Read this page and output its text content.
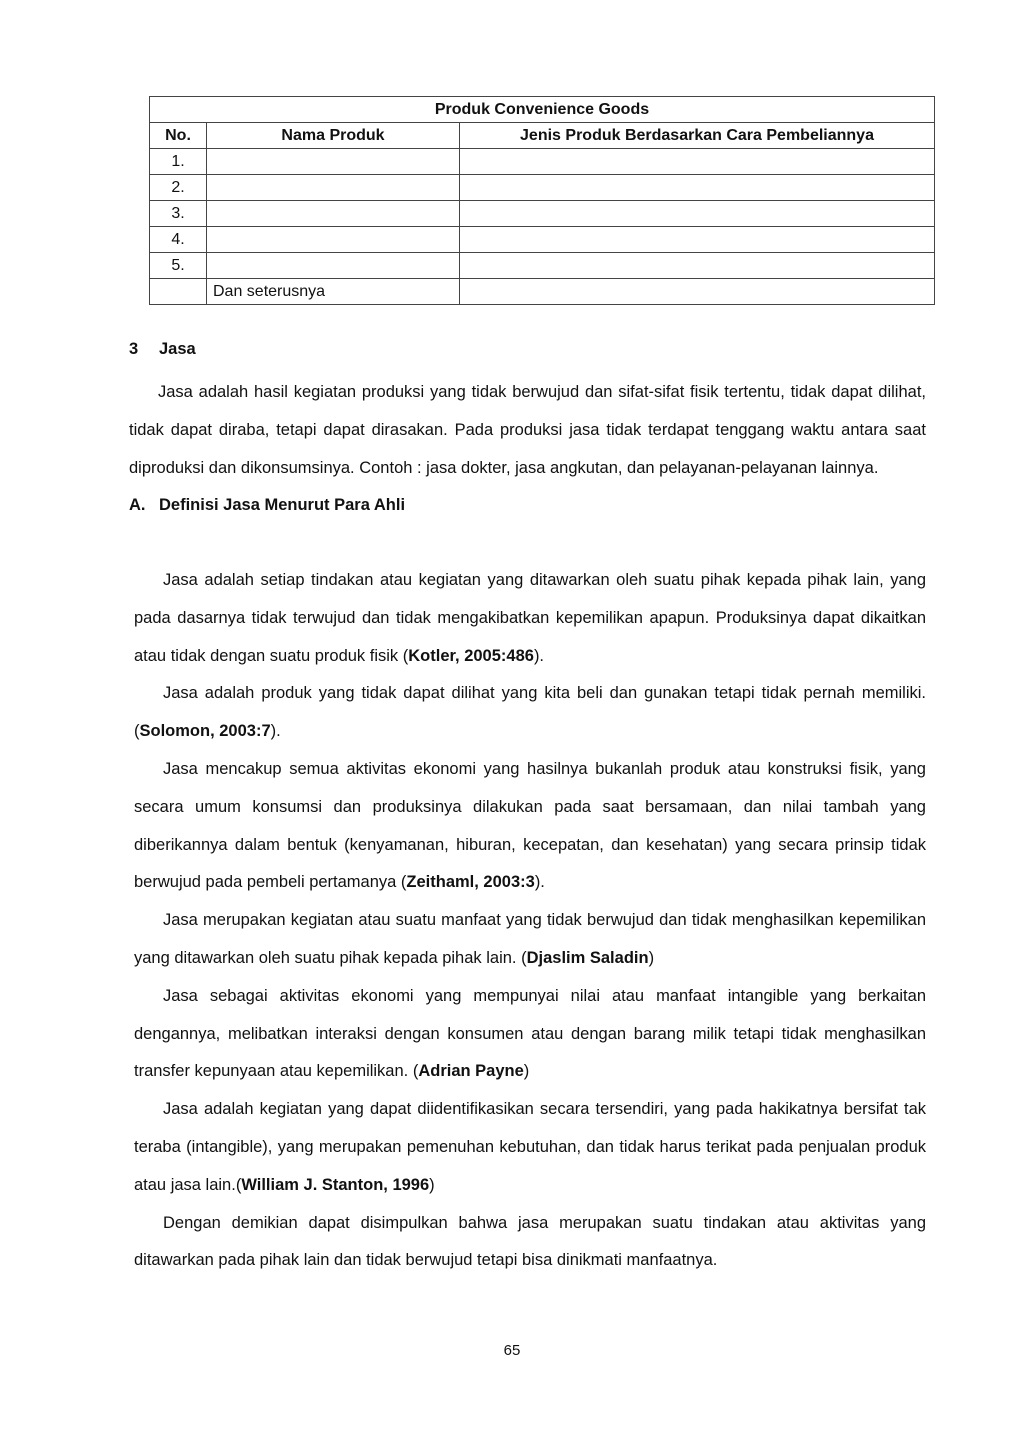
Produk Convenience Goods		
No.	Nama Produk	Jenis Produk Berdasarkan Cara Pembeliannya
1.		
2.		
3.		
4.		
5.		
	Dan seterusnya	
3 Jasa

Jasa adalah hasil kegiatan produksi yang tidak berwujud dan sifat-sifat fisik tertentu, tidak dapat dilihat, tidak dapat diraba, tetapi dapat dirasakan. Pada produksi jasa tidak terdapat tenggang waktu antara saat diproduksi dan dikonsumsinya. Contoh : jasa dokter, jasa angkutan, dan pelayanan-pelayanan lainnya.

A. Definisi Jasa Menurut Para Ahli

Jasa adalah setiap tindakan atau kegiatan yang ditawarkan oleh suatu pihak kepada pihak lain, yang pada dasarnya tidak terwujud dan tidak mengakibatkan kepemilikan apapun. Produksinya dapat dikaitkan atau tidak dengan suatu produk fisik (Kotler, 2005:486).

Jasa adalah produk yang tidak dapat dilihat yang kita beli dan gunakan tetapi tidak pernah memiliki. (Solomon, 2003:7).

Jasa mencakup semua aktivitas ekonomi yang hasilnya bukanlah produk atau konstruksi fisik, yang secara umum konsumsi dan produksinya dilakukan pada saat bersamaan, dan nilai tambah yang diberikannya dalam bentuk (kenyamanan, hiburan, kecepatan, dan kesehatan) yang secara prinsip tidak berwujud pada pembeli pertamanya (Zeithaml, 2003:3).

Jasa merupakan kegiatan atau suatu manfaat yang tidak berwujud dan tidak menghasilkan kepemilikan yang ditawarkan oleh suatu pihak kepada pihak lain. (Djaslim Saladin)

Jasa sebagai aktivitas ekonomi yang mempunyai nilai atau manfaat intangible yang berkaitan dengannya, melibatkan interaksi dengan konsumen atau dengan barang milik tetapi tidak menghasilkan transfer kepunyaan atau kepemilikan. (Adrian Payne)

Jasa adalah kegiatan yang dapat diidentifikasikan secara tersendiri, yang pada hakikatnya bersifat tak teraba (intangible), yang merupakan pemenuhan kebutuhan, dan tidak harus terikat pada penjualan produk atau jasa lain.(William J. Stanton, 1996)

Dengan demikian dapat disimpulkan bahwa jasa merupakan suatu tindakan atau aktivitas yang ditawarkan pada pihak lain dan tidak berwujud tetapi bisa dinikmati manfaatnya.

65
